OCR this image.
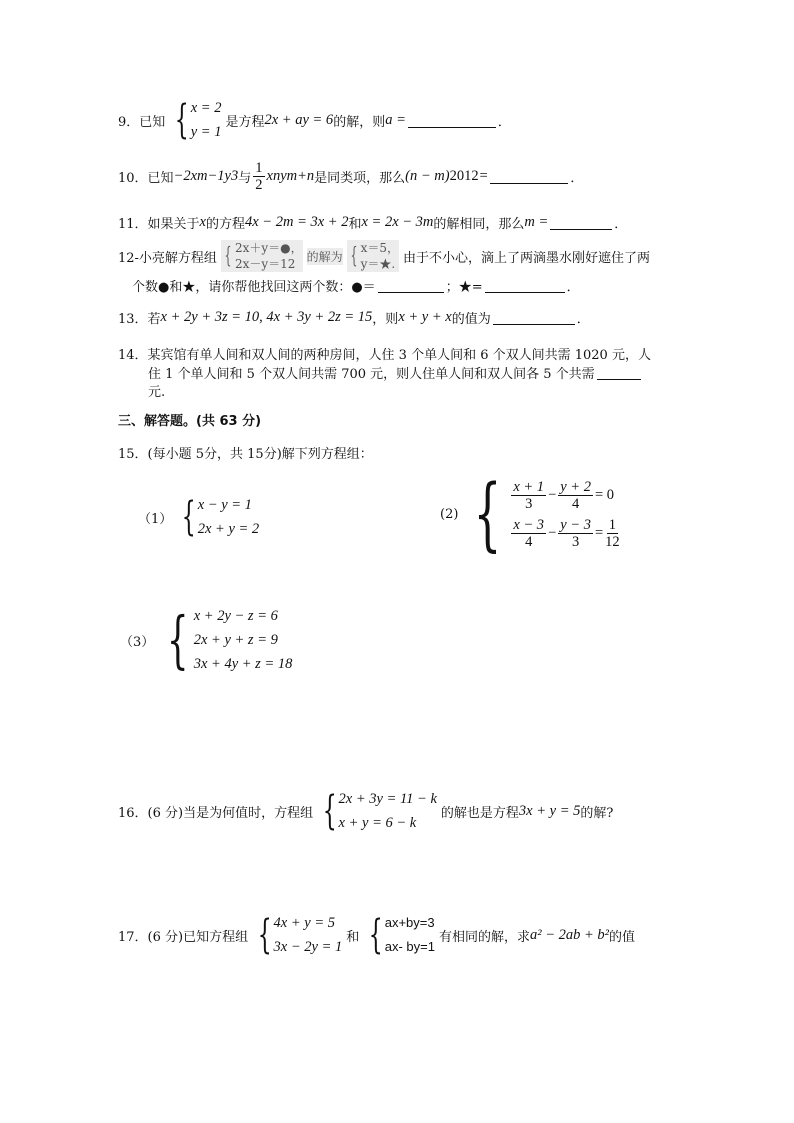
9．已知 { x = 2
y = 1
是方程 2x + ay = 6 的解，则 a =	．
10．已知 −2x m−1 y 3 与 $\frac{1}{2}$ x n y m+n 是同类项，那么 (n − m) 2012 =	．
11．如果关于 x 的方程 4x − 2m = 3x + 2 和 x = 2x − 3m 的解相同，那么 m =	．
12-小亮解方程组 { 2x＋y＝●，
2x－y＝12
的解为 { x＝5，
y＝★. 由于不小心，滴上了两滴墨水刚好遮住了两
个数●和★，请你帮他找回这两个数：●＝	；★=	．
13．若 x + 2y + 3z = 10, 4x + 3y + 2z = 15 ，则 x + y + x 的值为	．
14．某宾馆有单人间和双人间的两种房间，人住 3 个单人间和 6 个双人间共需 1020 元，人
住 1 个单人间和 5 个双人间共需 700 元，则人住单人间和双人间各 5 个共需
元.
三、解答题。(共 63 分)
15．(每小题 5分，共 15分)解下列方程组：
（1） { x − y = 1
2x + y = 2
(2) { $\frac{x + 1}{3} - \frac{y + 2}{4} = 0$
$\frac{x - 3}{4} - \frac{y - 3}{3} = \frac{1}{12}$
（3） { x + 2y − z = 6
2x + y + z = 9
3x + 4y + z = 18
16．(6 分)当是为何值时，方程组 { 2x + 3y = 11 − k
x + y = 6 − k
的解也是方程 3x + y = 5 的解?
17．(6 分)已知方程组 { 4x + y = 5
3x − 2y = 1
和 { ax+by=3
ax- by=1
有相同的解，求 a² − 2ab + b² 的值
